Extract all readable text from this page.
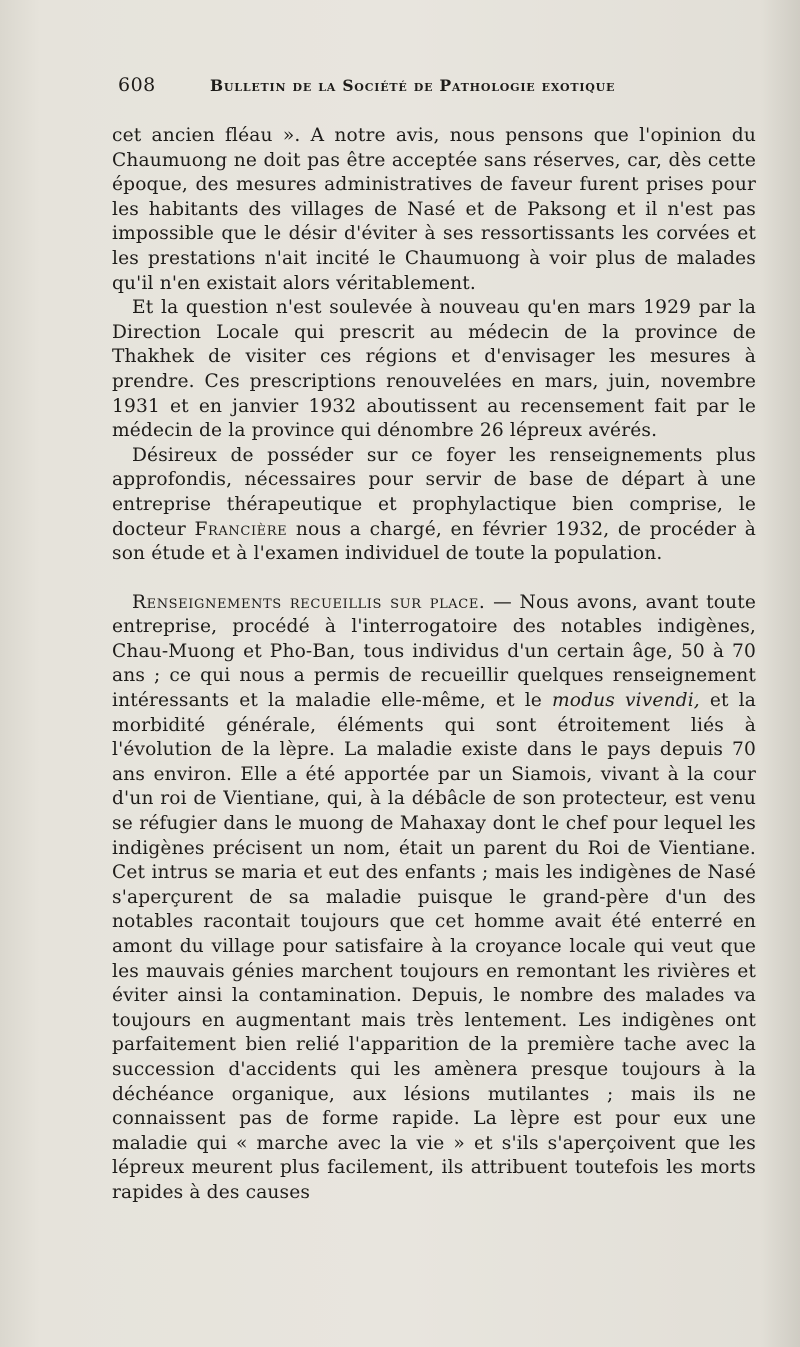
608	Bulletin de la Société de Pathologie exotique

cet ancien fléau ». A notre avis, nous pensons que l'opinion du Chaumuong ne doit pas être acceptée sans réserves, car, dès cette époque, des mesures administratives de faveur furent prises pour les habitants des villages de Nasé et de Paksong et il n'est pas impossible que le désir d'éviter à ses ressortissants les corvées et les prestations n'ait incité le Chaumuong à voir plus de malades qu'il n'en existait alors véritablement.

Et la question n'est soulevée à nouveau qu'en mars 1929 par la Direction Locale qui prescrit au médecin de la province de Thakhek de visiter ces régions et d'envisager les mesures à prendre. Ces prescriptions renouvelées en mars, juin, novembre 1931 et en janvier 1932 aboutissent au recensement fait par le médecin de la province qui dénombre 26 lépreux avérés.

Désireux de posséder sur ce foyer les renseignements plus approfondis, nécessaires pour servir de base de départ à une entreprise thérapeutique et prophylactique bien comprise, le docteur Francière nous a chargé, en février 1932, de procéder à son étude et à l'examen individuel de toute la population.

Renseignements recueillis sur place. — Nous avons, avant toute entreprise, procédé à l'interrogatoire des notables indigènes, Chau-Muong et Pho-Ban, tous individus d'un certain âge, 50 à 70 ans ; ce qui nous a permis de recueillir quelques renseignement intéressants et la maladie elle-même, et le modus vivendi, et la morbidité générale, éléments qui sont étroitement liés à l'évolution de la lèpre. La maladie existe dans le pays depuis 70 ans environ. Elle a été apportée par un Siamois, vivant à la cour d'un roi de Vientiane, qui, à la débâcle de son protecteur, est venu se réfugier dans le muong de Mahaxay dont le chef pour lequel les indigènes précisent un nom, était un parent du Roi de Vientiane. Cet intrus se maria et eut des enfants ; mais les indigènes de Nasé s'aperçurent de sa maladie puisque le grand-père d'un des notables racontait toujours que cet homme avait été enterré en amont du village pour satisfaire à la croyance locale qui veut que les mauvais génies marchent toujours en remontant les rivières et éviter ainsi la contamination. Depuis, le nombre des malades va toujours en augmentant mais très lentement. Les indigènes ont parfaitement bien relié l'apparition de la première tache avec la succession d'accidents qui les amènera presque toujours à la déchéance organique, aux lésions mutilantes ; mais ils ne connaissent pas de forme rapide. La lèpre est pour eux une maladie qui « marche avec la vie » et s'ils s'aperçoivent que les lépreux meurent plus facilement, ils attribuent toutefois les morts rapides à des causes
